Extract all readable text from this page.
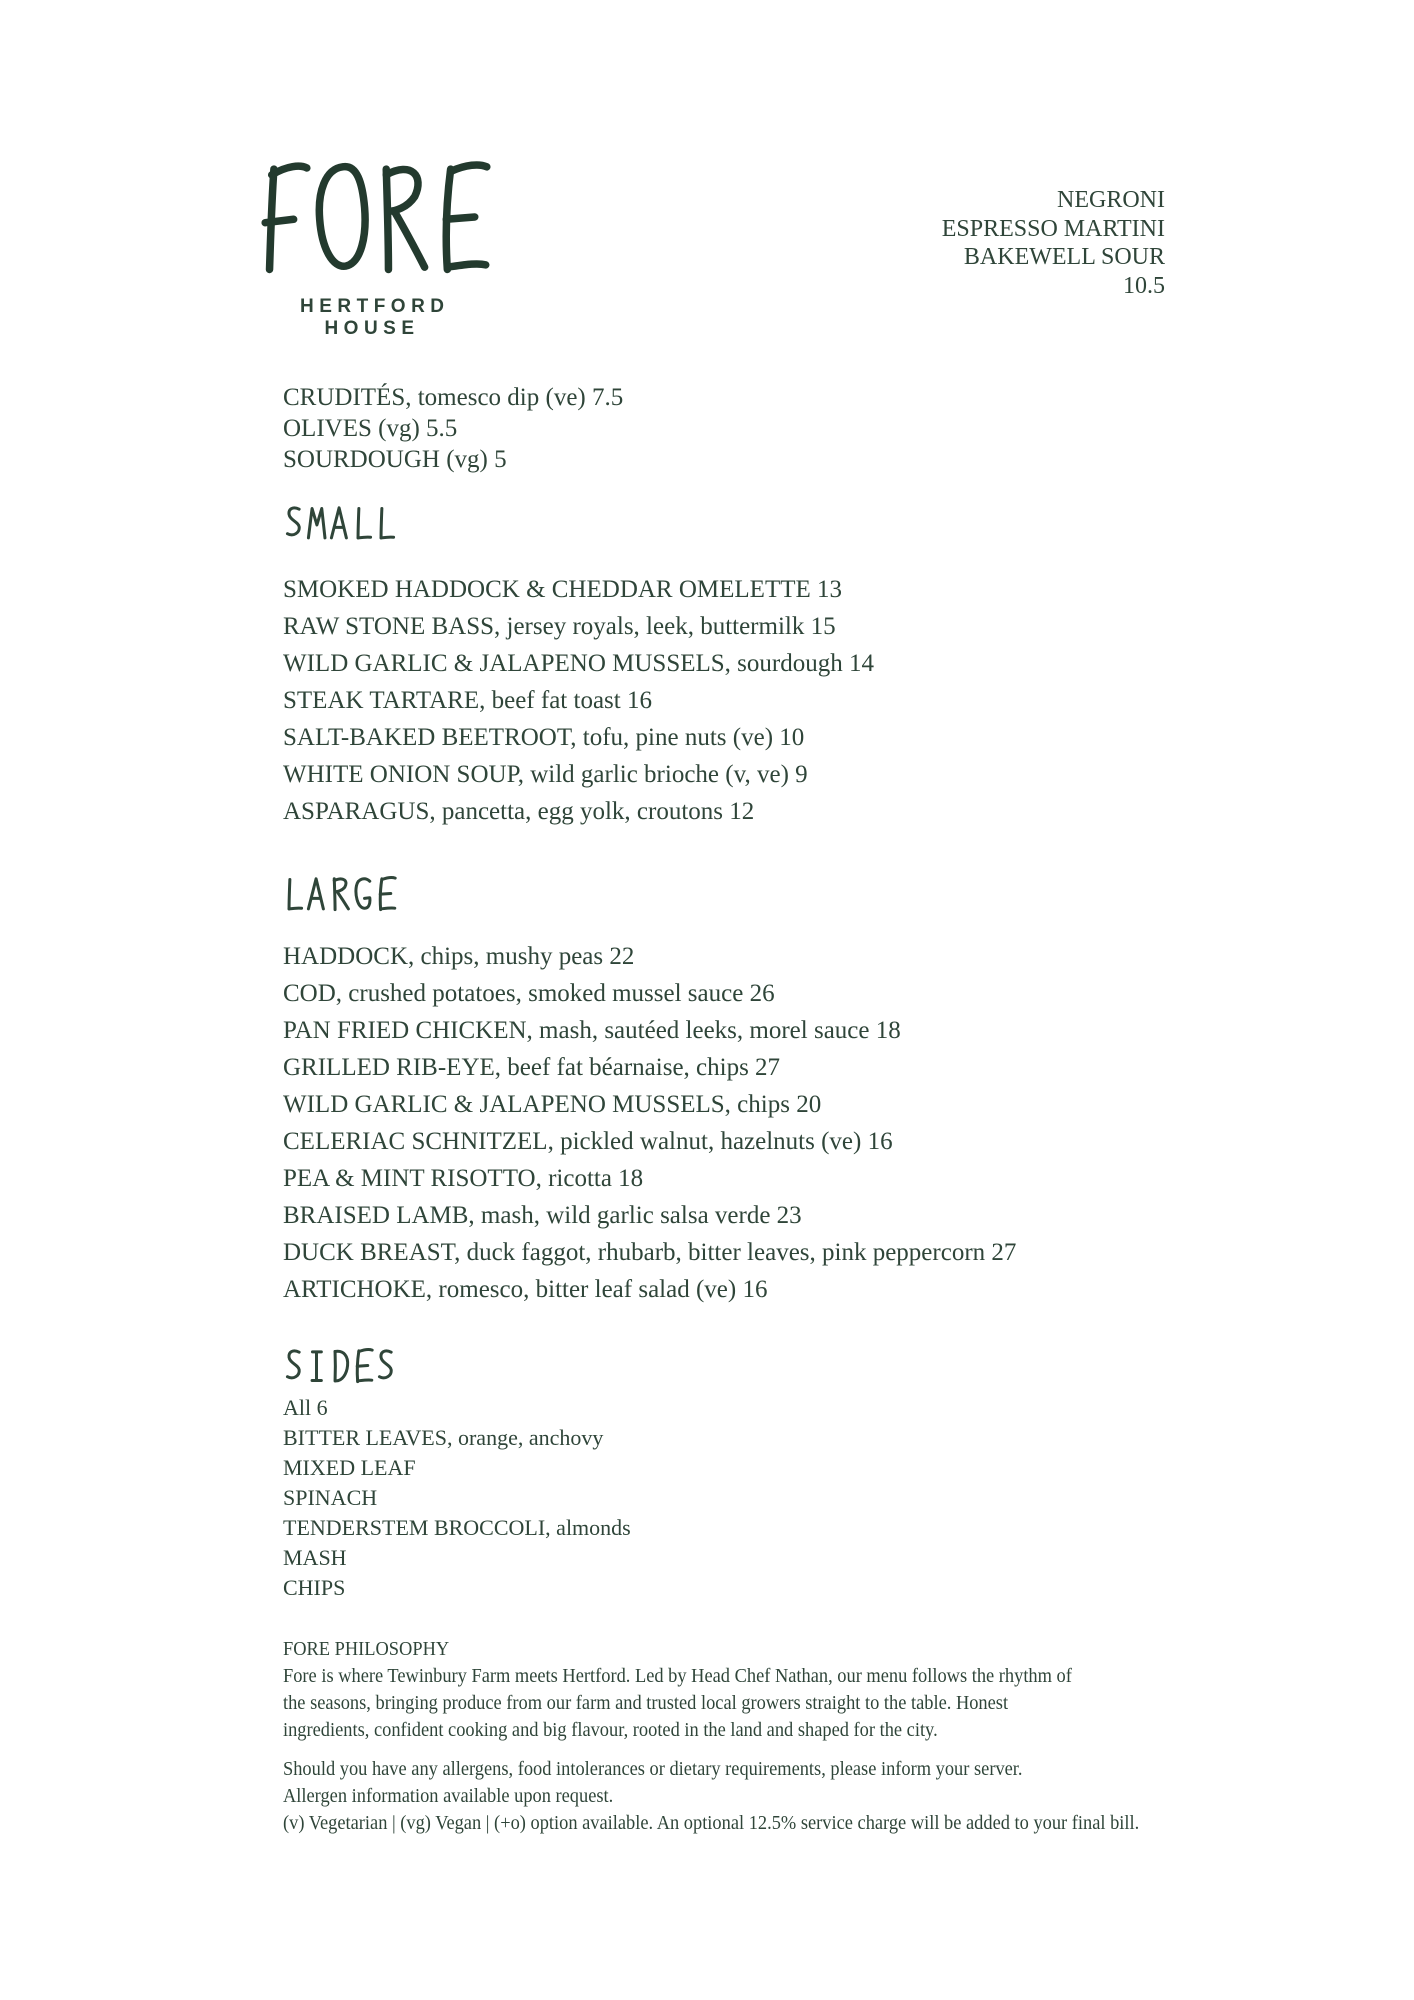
HERTFORD HOUSE
NEGRONI
ESPRESSO MARTINI
BAKEWELL SOUR
10.5
CRUDITÉS, tomesco dip (ve) 7.5
OLIVES (vg) 5.5
SOURDOUGH (vg) 5
SMOKED HADDOCK & CHEDDAR OMELETTE 13
RAW STONE BASS, jersey royals, leek, buttermilk 15
WILD GARLIC & JALAPENO MUSSELS, sourdough 14
STEAK TARTARE, beef fat toast 16
SALT-BAKED BEETROOT, tofu, pine nuts (ve) 10
WHITE ONION SOUP, wild garlic brioche (v, ve) 9
ASPARAGUS, pancetta, egg yolk, croutons 12
HADDOCK, chips, mushy peas 22
COD, crushed potatoes, smoked mussel sauce 26
PAN FRIED CHICKEN, mash, sautéed leeks, morel sauce 18
GRILLED RIB-EYE, beef fat béarnaise, chips 27
WILD GARLIC & JALAPENO MUSSELS, chips 20
CELERIAC SCHNITZEL, pickled walnut, hazelnuts (ve) 16
PEA & MINT RISOTTO, ricotta 18
BRAISED LAMB, mash, wild garlic salsa verde 23
DUCK BREAST, duck faggot, rhubarb, bitter leaves, pink peppercorn 27
ARTICHOKE, romesco, bitter leaf salad (ve) 16
All 6
BITTER LEAVES, orange, anchovy
MIXED LEAF
SPINACH
TENDERSTEM BROCCOLI, almonds
MASH
CHIPS
FORE PHILOSOPHY
Fore is where Tewinbury Farm meets Hertford. Led by Head Chef Nathan, our menu follows the rhythm of the seasons, bringing produce from our farm and trusted local growers straight to the table. Honest ingredients, confident cooking and big flavour, rooted in the land and shaped for the city.
Should you have any allergens, food intolerances or dietary requirements, please inform your server.
Allergen information available upon request.
(v) Vegetarian | (vg) Vegan | (+o) option available. An optional 12.5% service charge will be added to your final bill.
